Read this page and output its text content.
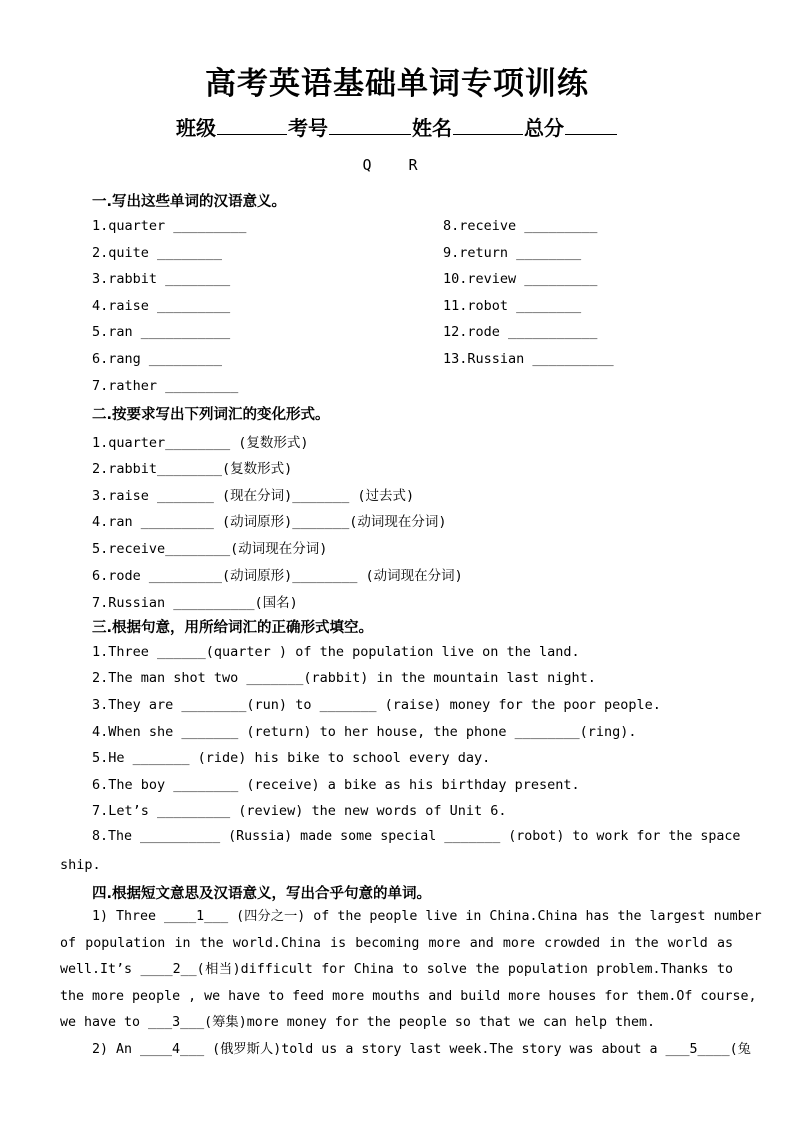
高考英语基础单词专项训练
班级	考号	姓名	总分
Q R
一.写出这些单词的汉语意义。
1.quarter _________
2.quite ________
3.rabbit ________
4.raise _________
5.ran ___________
6.rang _________
7.rather _________
8.receive _________
9.return ________
10.review _________
11.robot ________
12.rode ___________
13.Russian __________
二.按要求写出下列词汇的变化形式。
1.quarter________ (复数形式)
2.rabbit________(复数形式)
3.raise _______ (现在分词)_______ (过去式)
4.ran _________ (动词原形)_______(动词现在分词)
5.receive________(动词现在分词)
6.rode _________(动词原形)________ (动词现在分词)
7.Russian __________(国名)
三.根据句意，用所给词汇的正确形式填空。
1.Three ______(quarter ) of the population live on the land.
2.The man shot two _______(rabbit) in the mountain last night.
3.They are ________(run) to _______ (raise) money for the poor people.
4.When she _______ (return) to her house, the phone ________(ring).
5.He _______ (ride) his bike to school every day.
6.The boy ________ (receive) a bike as his birthday present.
7.Let’s _________ (review) the new words of Unit 6.
8.The __________ (Russia) made some special _______ (robot) to work for the space
ship.
四.根据短文意思及汉语意义，写出合乎句意的单词。
1) Three ____1___ (四分之一) of the people live in China.China has the largest number
of population in the world.China is becoming more and more crowded in the world as
well.It’s ____2__(相当)difficult for China to solve the population problem.Thanks to
the more people , we have to feed more mouths and build more houses for them.Of course,
we have to ___3___(筹集)more money for the people so that we can help them.
2) An ____4___ (俄罗斯人)told us a story last week.The story was about a ___5____(兔
